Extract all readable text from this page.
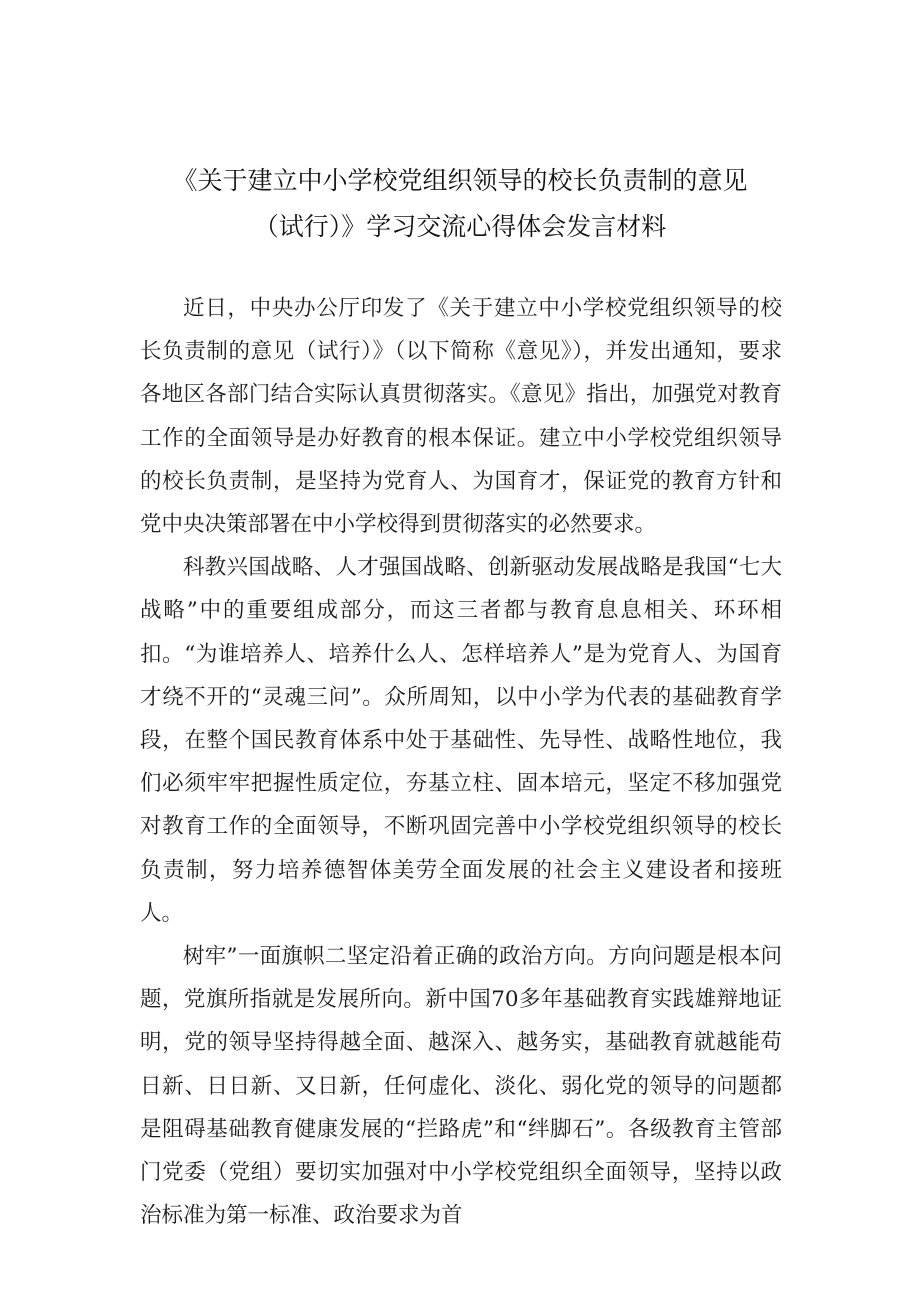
《关于建立中小学校党组织领导的校长负责制的意见
（试行）》学习交流心得体会发言材料

近日，中央办公厅印发了《关于建立中小学校党组织领导的校长负责制的意见（试行）》（以下简称《意见》），并发出通知，要求各地区各部门结合实际认真贯彻落实。《意见》指出，加强党对教育工作的全面领导是办好教育的根本保证。建立中小学校党组织领导的校长负责制，是坚持为党育人、为国育才，保证党的教育方针和党中央决策部署在中小学校得到贯彻落实的必然要求。

科教兴国战略、人才强国战略、创新驱动发展战略是我国“七大战略”中的重要组成部分，而这三者都与教育息息相关、环环相扣。“为谁培养人、培养什么人、怎样培养人”是为党育人、为国育才绕不开的“灵魂三问”。众所周知，以中小学为代表的基础教育学段，在整个国民教育体系中处于基础性、先导性、战略性地位，我们必须牢牢把握性质定位，夯基立柱、固本培元，坚定不移加强党对教育工作的全面领导，不断巩固完善中小学校党组织领导的校长负责制，努力培养德智体美劳全面发展的社会主义建设者和接班人。

树牢”一面旗帜二坚定沿着正确的政治方向。方向问题是根本问题，党旗所指就是发展所向。新中国70多年基础教育实践雄辩地证明，党的领导坚持得越全面、越深入、越务实，基础教育就越能苟日新、日日新、又日新，任何虚化、淡化、弱化党的领导的问题都是阻碍基础教育健康发展的“拦路虎”和“绊脚石”。各级教育主管部门党委（党组）要切实加强对中小学校党组织全面领导，坚持以政治标准为第一标准、政治要求为首
